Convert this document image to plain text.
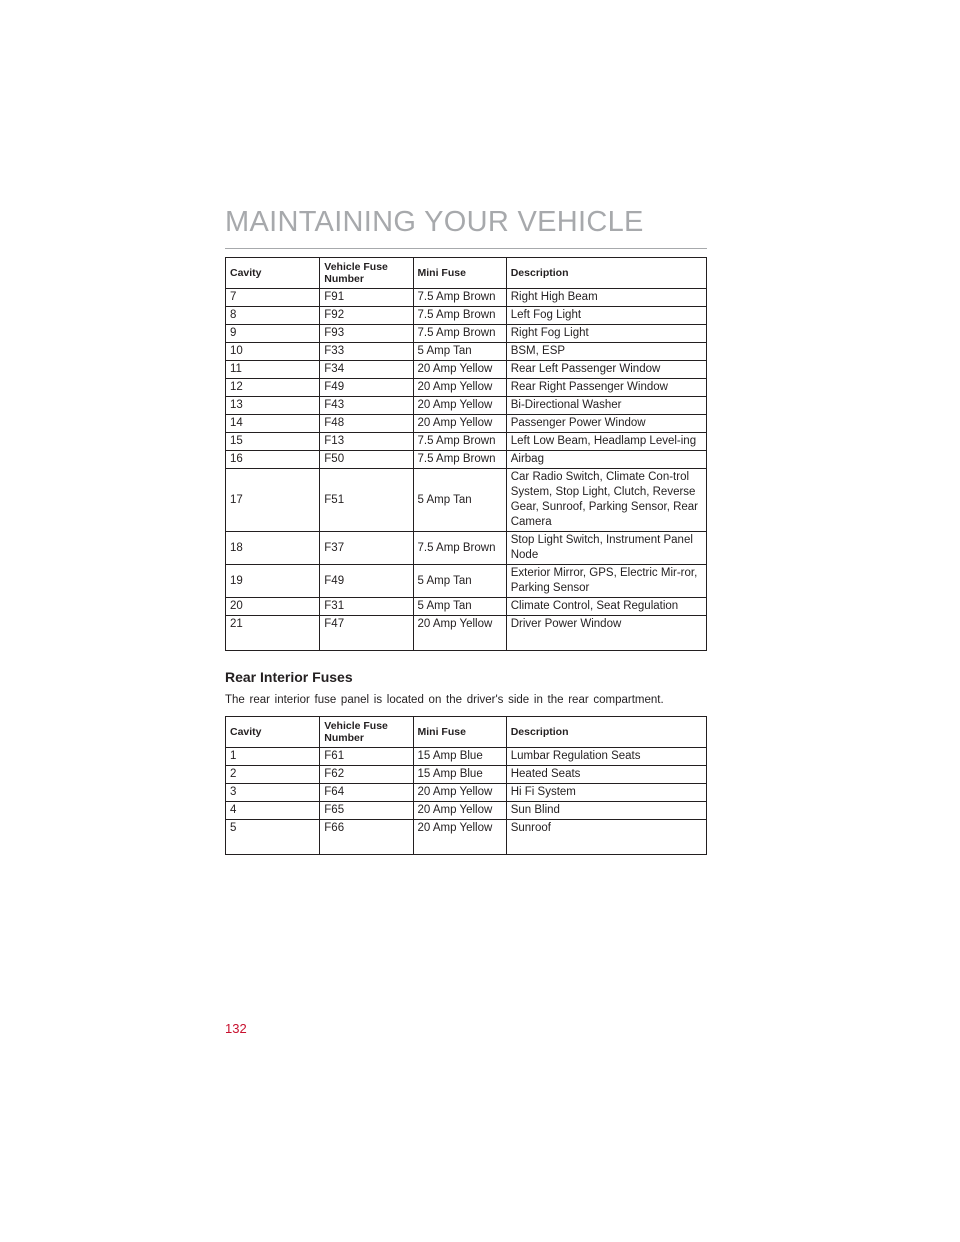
MAINTAINING YOUR VEHICLE
Cavity	Vehicle Fuse Number	Mini Fuse	Description
7	F91	7.5 Amp Brown	Right High Beam
8	F92	7.5 Amp Brown	Left Fog Light
9	F93	7.5 Amp Brown	Right Fog Light
10	F33	5 Amp Tan	BSM, ESP
11	F34	20 Amp Yellow	Rear Left Passenger Window
12	F49	20 Amp Yellow	Rear Right Passenger Window
13	F43	20 Amp Yellow	Bi-Directional Washer
14	F48	20 Amp Yellow	Passenger Power Window
15	F13	7.5 Amp Brown	Left Low Beam, Headlamp Level-ing
16	F50	7.5 Amp Brown	Airbag
17	F51	5 Amp Tan	Car Radio Switch, Climate Con-trol System, Stop Light, Clutch, Reverse Gear, Sunroof, Parking Sensor, Rear Camera
18	F37	7.5 Amp Brown	Stop Light Switch, Instrument Panel Node
19	F49	5 Amp Tan	Exterior Mirror, GPS, Electric Mir-ror, Parking Sensor
20	F31	5 Amp Tan	Climate Control, Seat Regulation
21	F47	20 Amp Yellow	Driver Power Window
Rear Interior Fuses
The rear interior fuse panel is located on the driver's side in the rear compartment.
Cavity	Vehicle Fuse Number	Mini Fuse	Description
1	F61	15 Amp Blue	Lumbar Regulation Seats
2	F62	15 Amp Blue	Heated Seats
3	F64	20 Amp Yellow	Hi Fi System
4	F65	20 Amp Yellow	Sun Blind
5	F66	20 Amp Yellow	Sunroof
132
